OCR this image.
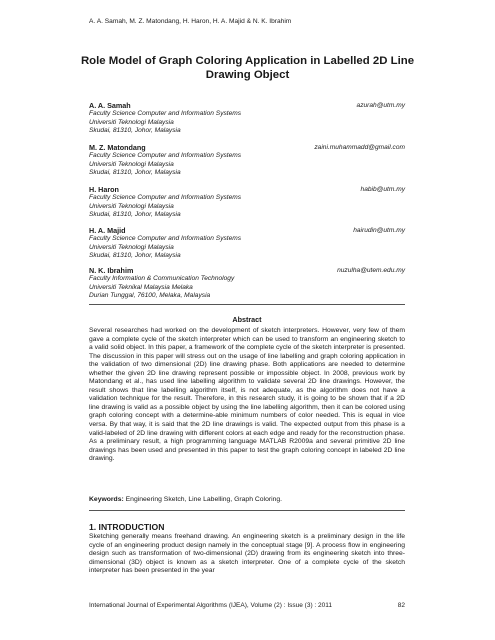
A. A. Samah, M. Z. Matondang, H. Haron, H. A. Majid & N. K. Ibrahim
Role Model of Graph Coloring Application in Labelled 2D Line Drawing Object
A. A. Samah	azurah@utm.my
Faculty Science Computer and Information Systems
Universiti Teknologi Malaysia
Skudai, 81310, Johor, Malaysia
M. Z. Matondang	zaini.muhammadd@gmail.com
Faculty Science Computer and Information Systems
Universiti Teknologi Malaysia
Skudai, 81310, Johor, Malaysia
H. Haron	habib@utm.my
Faculty Science Computer and Information Systems
Universiti Teknologi Malaysia
Skudai, 81310, Johor, Malaysia
H. A. Majid	hairudin@utm.my
Faculty Science Computer and Information Systems
Universiti Teknologi Malaysia
Skudai, 81310, Johor, Malaysia
N. K. Ibrahim	nuzulha@utem.edu.my
Faculty Information & Communication Technology
Universiti Teknikal Malaysia Melaka
Durian Tunggal, 76100, Melaka, Malaysia
Abstract

Several researches had worked on the development of sketch interpreters. However, very few of them gave a complete cycle of the sketch interpreter which can be used to transform an engineering sketch to a valid solid object. In this paper, a framework of the complete cycle of the sketch interpreter is presented. The discussion in this paper will stress out on the usage of line labelling and graph coloring application in the validation of two dimensional (2D) line drawing phase. Both applications are needed to determine whether the given 2D line drawing represent possible or impossible object. In 2008, previous work by Matondang et al., has used line labelling algorithm to validate several 2D line drawings. However, the result shows that line labelling algorithm itself, is not adequate, as the algorithm does not have a validation technique for the result. Therefore, in this research study, it is going to be shown that if a 2D line drawing is valid as a possible object by using the line labelling algorithm, then it can be colored using graph coloring concept with a determine-able minimum numbers of color needed. This is equal in vice versa. By that way, it is said that the 2D line drawings is valid. The expected output from this phase is a valid-labeled of 2D line drawing with different colors at each edge and ready for the reconstruction phase. As a preliminary result, a high programming language MATLAB R2009a and several primitive 2D line drawings has been used and presented in this paper to test the graph coloring concept in labeled 2D line drawing.

Keywords: Engineering Sketch, Line Labelling, Graph Coloring.
1. INTRODUCTION

Sketching generally means freehand drawing. An engineering sketch is a preliminary design in the life cycle of an engineering product design namely in the conceptual stage [9]. A process flow in engineering design such as transformation of two-dimensional (2D) drawing from its engineering sketch into three-dimensional (3D) object is known as a sketch interpreter. One of a complete cycle of the sketch interpreter has been presented in the year

International Journal of Experimental Algorithms (IJEA), Volume (2) : Issue (3) : 2011	82
